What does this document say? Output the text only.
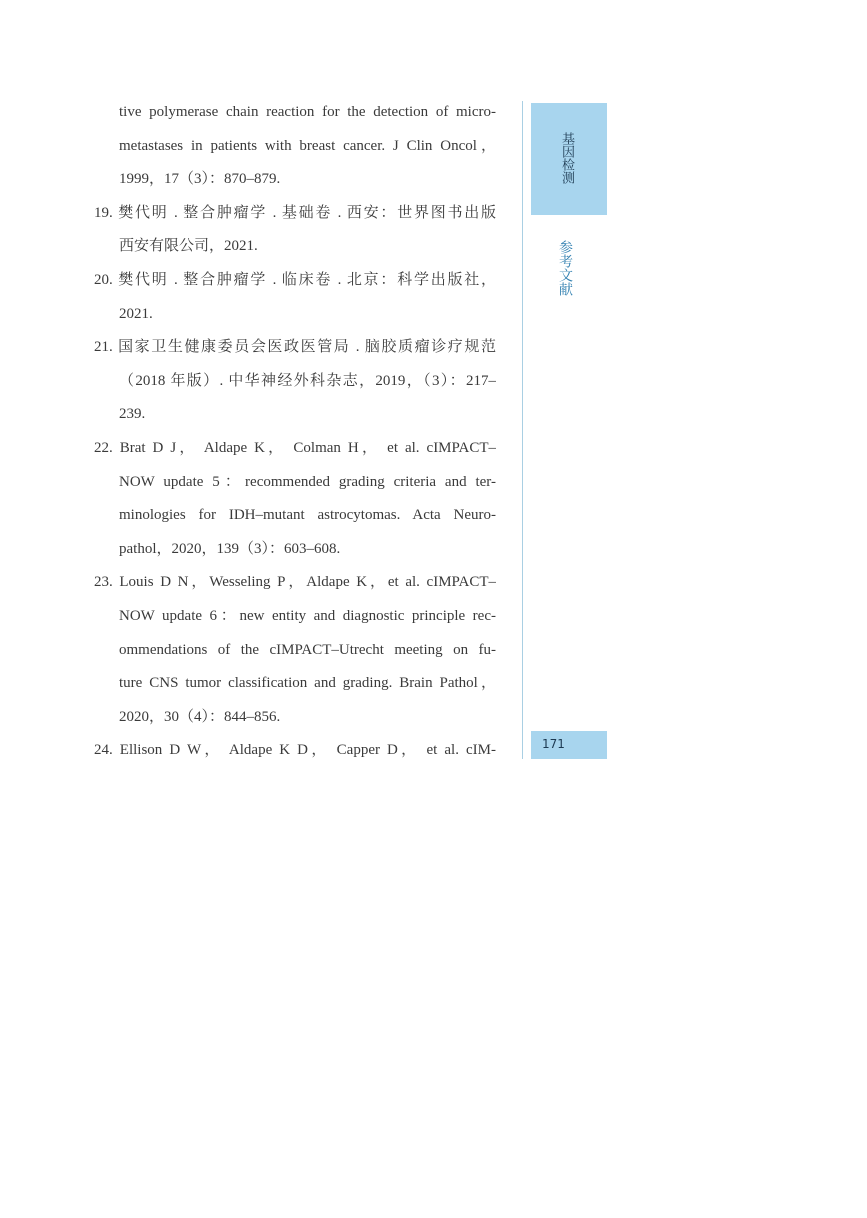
tive polymerase chain reaction for the detection of micro-
metastases in patients with breast cancer. J Clin Oncol，
1999，17（3）：870–879.
19. 樊代明 . 整合肿瘤学 . 基础卷 . 西安：世界图书出版
西安有限公司，2021.
20. 樊代明 . 整合肿瘤学 . 临床卷 . 北京：科学出版社，
2021.
21. 国家卫生健康委员会医政医管局 . 脑胶质瘤诊疗规范
（2018 年版）. 中华神经外科杂志，2019，（3）：217–
239.
22. Brat D J， Aldape K， Colman H， et al. cIMPACT–
NOW update 5：recommended grading criteria and ter-
minologies for IDH–mutant astrocytomas. Acta Neuro-
pathol，2020，139（3）：603–608.
23. Louis D N，Wesseling P，Aldape K，et al. cIMPACT–
NOW update 6：new entity and diagnostic principle rec-
ommendations of the cIMPACT–Utrecht meeting on fu-
ture CNS tumor classification and grading. Brain Pathol，
2020，30（4）：844–856.
24. Ellison D W， Aldape K D， Capper D， et al. cIM-
基因检测
参考文献
171
